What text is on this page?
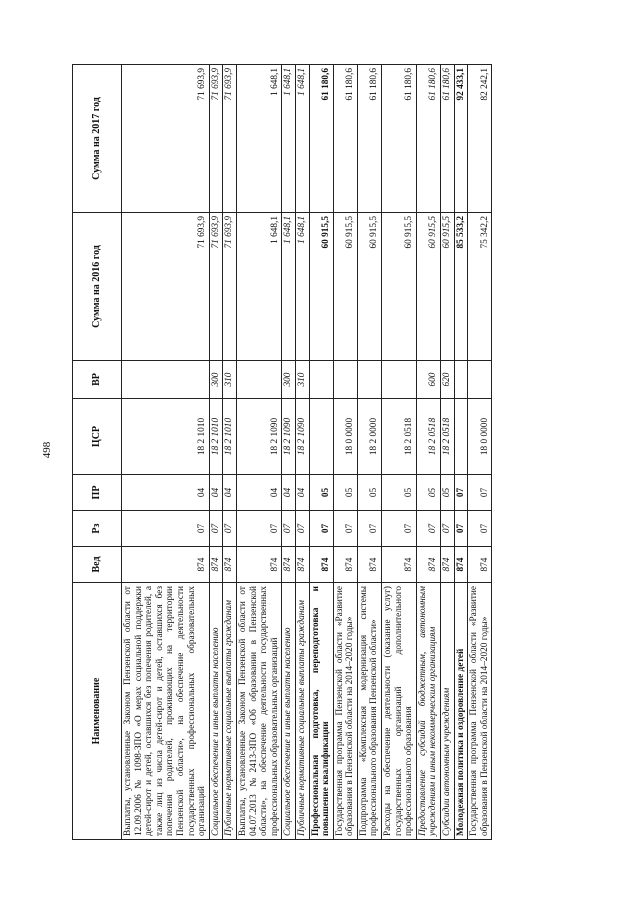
498
Наименование	Вед	Рз	ПР	ЦСР	ВР	Сумма на 2016 год	Сумма на 2017 год
Выплаты, установленные Законом Пензенской области от 12.09.2006 № 1098-ЗПО «О мерах социальной поддержки детей-сирот и детей, оставшихся без попечения родителей, а также лиц из числа детей-сирот и детей, оставшихся без попечения родителей, проживающих на территории Пензенской области», на обеспечение деятельности государственных профессиональных образовательных организаций	874	07	04	18 2 1010		71 693,9	71 693,9
Социальное обеспечение и иные выплаты населению	874	07	04	18 2 1010	300	71 693,9	71 693,9
Публичные нормативные социальные выплаты гражданам	874	07	04	18 2 1010	310	71 693,9	71 693,9
Выплаты, установленные Законом Пензенской области от 04.07.2013 №2413-ЗПО «Об образовании в Пензенской области», на обеспечение деятельности государственных профессиональных образовательных организаций	874	07	04	18 2 1090		1 648,1	1 648,1
Социальное обеспечение и иные выплаты населению	874	07	04	18 2 1090	300	1 648,1	1 648,1
Публичные нормативные социальные выплаты гражданам	874	07	04	18 2 1090	310	1 648,1	1 648,1
Профессиональная подготовка, переподготовка и повышение квалификации	874	07	05			60 915,5	61 180,6
Государственная программа Пензенской области «Развитие образования в Пензенской области на 2014–2020 годы»	874	07	05	18 0 0000		60 915,5	61 180,6
Подпрограмма «Комплексная модернизация системы профессионального образования Пензенской области»	874	07	05	18 2 0000		60 915,5	61 180,6
Расходы на обеспечение деятельности (оказание услуг) государственных организаций дополнительного профессионального образования	874	07	05	18 2 0518		60 915,5	61 180,6
Предоставление субсидий бюджетным, автономным учреждениям и иным некоммерческим организациям	874	07	05	18 2 0518	600	60 915,5	61 180,6
Субсидии автономным учреждениям	874	07	05	18 2 0518	620	60 915,5	61 180,6
Молодежная политика и оздоровление детей	874	07	07			85 533,2	92 433,1
Государственная программа Пензенской области «Развитие образования в Пензенской области на 2014–2020 годы»	874	07	07	18 0 0000		75 342,2	82 242,1
